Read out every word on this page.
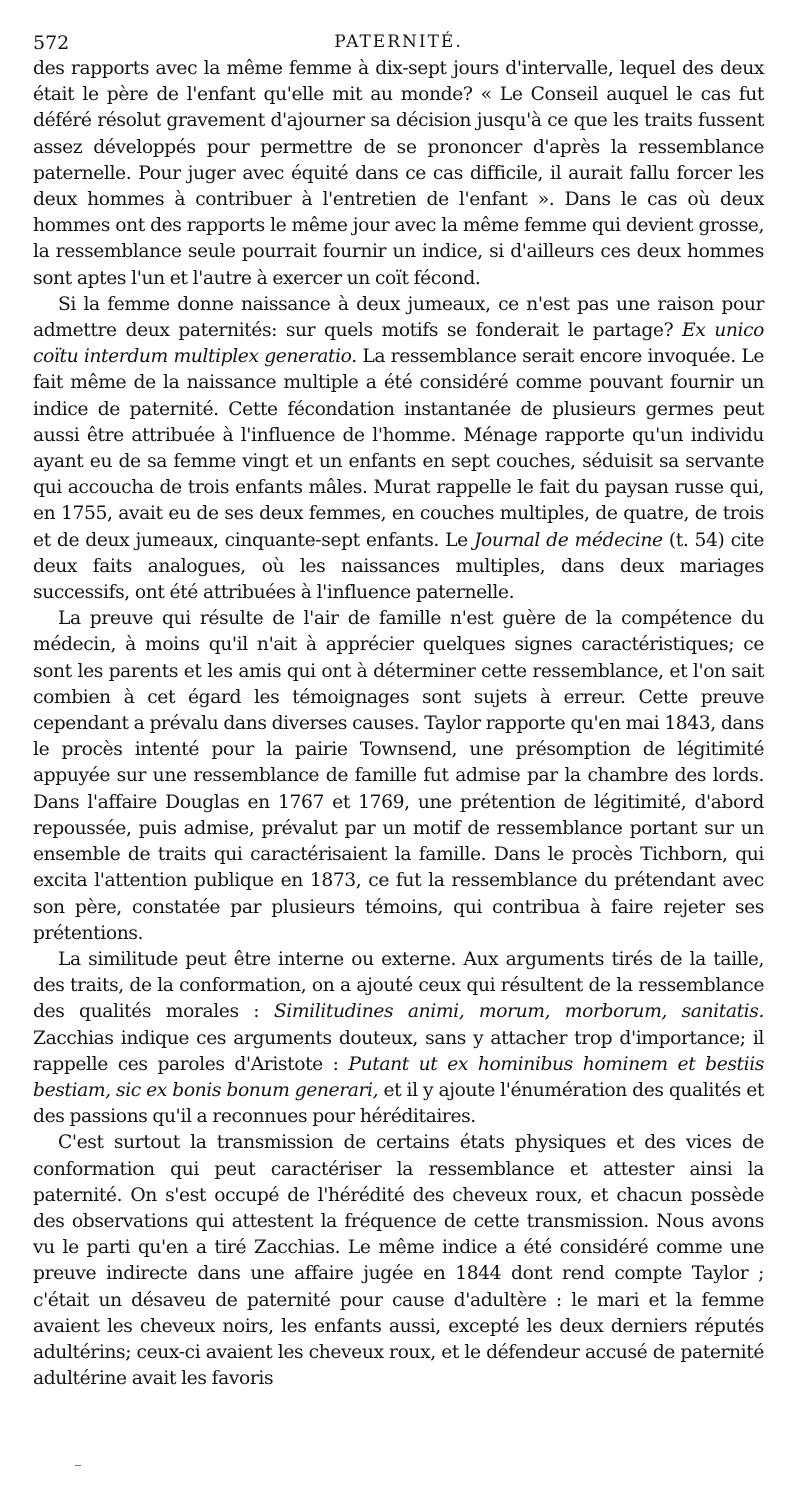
572	PATERNITÉ.

des rapports avec la même femme à dix-sept jours d'intervalle, lequel des deux était le père de l'enfant qu'elle mit au monde? « Le Conseil auquel le cas fut déféré résolut gravement d'ajourner sa décision jusqu'à ce que les traits fussent assez développés pour permettre de se prononcer d'après la ressemblance paternelle. Pour juger avec équité dans ce cas difficile, il aurait fallu forcer les deux hommes à contribuer à l'entretien de l'enfant ». Dans le cas où deux hommes ont des rapports le même jour avec la même femme qui devient grosse, la ressemblance seule pourrait fournir un indice, si d'ailleurs ces deux hommes sont aptes l'un et l'autre à exercer un coït fécond.

Si la femme donne naissance à deux jumeaux, ce n'est pas une raison pour admettre deux paternités: sur quels motifs se fonderait le partage? Ex unico coïtu interdum multiplex generatio. La ressemblance serait encore invoquée. Le fait même de la naissance multiple a été considéré comme pouvant fournir un indice de paternité. Cette fécondation instantanée de plusieurs germes peut aussi être attribuée à l'influence de l'homme. Ménage rapporte qu'un individu ayant eu de sa femme vingt et un enfants en sept couches, séduisit sa servante qui accoucha de trois enfants mâles. Murat rappelle le fait du paysan russe qui, en 1755, avait eu de ses deux femmes, en couches multiples, de quatre, de trois et de deux jumeaux, cinquante-sept enfants. Le Journal de médecine (t. 54) cite deux faits analogues, où les naissances multiples, dans deux mariages successifs, ont été attribuées à l'influence paternelle.

La preuve qui résulte de l'air de famille n'est guère de la compétence du médecin, à moins qu'il n'ait à apprécier quelques signes caractéristiques; ce sont les parents et les amis qui ont à déterminer cette ressemblance, et l'on sait combien à cet égard les témoignages sont sujets à erreur. Cette preuve cependant a prévalu dans diverses causes. Taylor rapporte qu'en mai 1843, dans le procès intenté pour la pairie Townsend, une présomption de légitimité appuyée sur une ressemblance de famille fut admise par la chambre des lords. Dans l'affaire Douglas en 1767 et 1769, une prétention de légitimité, d'abord repoussée, puis admise, prévalut par un motif de ressemblance portant sur un ensemble de traits qui caractérisaient la famille. Dans le procès Tichborn, qui excita l'attention publique en 1873, ce fut la ressemblance du prétendant avec son père, constatée par plusieurs témoins, qui contribua à faire rejeter ses prétentions.

La similitude peut être interne ou externe. Aux arguments tirés de la taille, des traits, de la conformation, on a ajouté ceux qui résultent de la ressemblance des qualités morales : Similitudines animi, morum, morborum, sanitatis. Zacchias indique ces arguments douteux, sans y attacher trop d'importance; il rappelle ces paroles d'Aristote : Putant ut ex hominibus hominem et bestiis bestiam, sic ex bonis bonum generari, et il y ajoute l'énumération des qualités et des passions qu'il a reconnues pour héréditaires.

C'est surtout la transmission de certains états physiques et des vices de conformation qui peut caractériser la ressemblance et attester ainsi la paternité. On s'est occupé de l'hérédité des cheveux roux, et chacun possède des observations qui attestent la fréquence de cette transmission. Nous avons vu le parti qu'en a tiré Zacchias. Le même indice a été considéré comme une preuve indirecte dans une affaire jugée en 1844 dont rend compte Taylor ; c'était un désaveu de paternité pour cause d'adultère : le mari et la femme avaient les cheveux noirs, les enfants aussi, excepté les deux derniers réputés adultérins; ceux-ci avaient les cheveux roux, et le défendeur accusé de paternité adultérine avait les favoris
